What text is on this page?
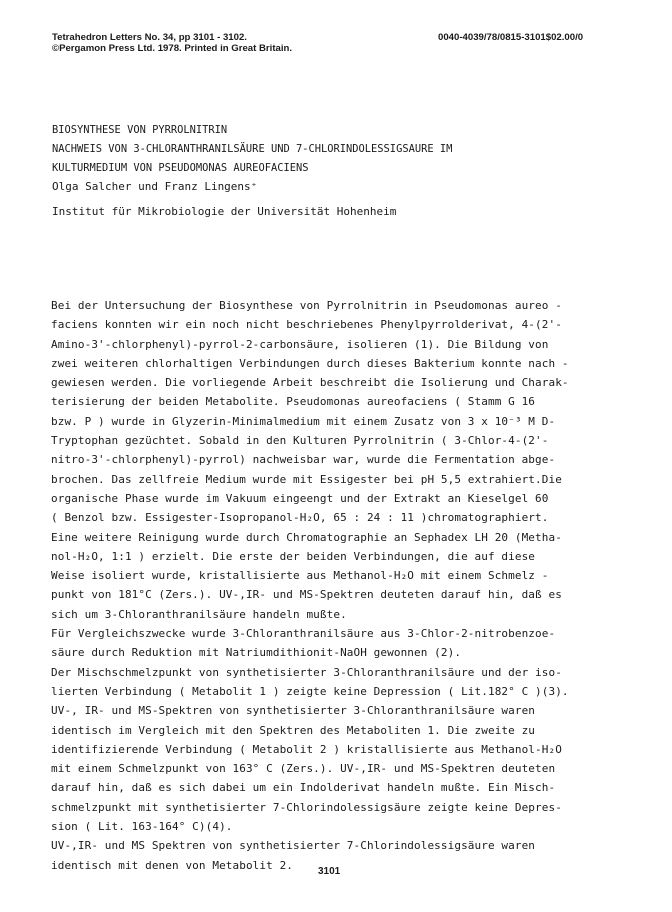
Tetrahedron Letters No. 34, pp 3101 - 3102.
©Pergamon Press Ltd. 1978. Printed in Great Britain.
0040-4039/78/0815-3101$02.00/0
BIOSYNTHESE VON PYRROLNITRIN
NACHWEIS VON 3-CHLORANTHRANILSÄURE UND 7-CHLORINDOLESSIGSAURE IM
KULTURMEDIUM VON PSEUDOMONAS AUREOFACIENS
Olga Salcher und Franz Lingens⁺
Institut für Mikrobiologie der Universität Hohenheim
Bei der Untersuchung der Biosynthese von Pyrrolnitrin in Pseudomonas aureo -
faciens konnten wir ein noch nicht beschriebenes Phenylpyrrolderivat, 4-(2'-
Amino-3'-chlorphenyl)-pyrrol-2-carbonsäure, isolieren (1). Die Bildung von
zwei weiteren chlorhaltigen Verbindungen durch dieses Bakterium konnte nach -
gewiesen werden. Die vorliegende Arbeit beschreibt die Isolierung und Charak-
terisierung der beiden Metabolite. Pseudomonas aureofaciens ( Stamm G 16
bzw. P ) wurde in Glyzerin-Minimalmedium mit einem Zusatz von 3 x 10⁻³ M D-
Tryptophan gezüchtet. Sobald in den Kulturen Pyrrolnitrin ( 3-Chlor-4-(2'-
nitro-3'-chlorphenyl)-pyrrol) nachweisbar war, wurde die Fermentation abge-
brochen. Das zellfreie Medium wurde mit Essigester bei pH 5,5 extrahiert.Die
organische Phase wurde im Vakuum eingeengt und der Extrakt an Kieselgel 60
( Benzol bzw. Essigester-Isopropanol-H₂O, 65 : 24 : 11 )chromatographiert.
Eine weitere Reinigung wurde durch Chromatographie an Sephadex LH 20 (Metha-
nol-H₂O, 1:1 ) erzielt. Die erste der beiden Verbindungen, die auf diese
Weise isoliert wurde, kristallisierte aus Methanol-H₂O mit einem Schmelz -
punkt von 181°C (Zers.). UV-,IR- und MS-Spektren deuteten darauf hin, daß es
sich um 3-Chloranthranilsäure handeln mußte.
Für Vergleichszwecke wurde 3-Chloranthranilsäure aus 3-Chlor-2-nitrobenzoe-
säure durch Reduktion mit Natriumdithionit-NaOH gewonnen (2).
Der Mischschmelzpunkt von synthetisierter 3-Chloranthranilsäure und der iso-
lierten Verbindung ( Metabolit 1 ) zeigte keine Depression ( Lit.182° C )(3).
UV-, IR- und MS-Spektren von synthetisierter 3-Chloranthranilsäure waren
identisch im Vergleich mit den Spektren des Metaboliten 1. Die zweite zu
identifizierende Verbindung ( Metabolit 2 ) kristallisierte aus Methanol-H₂O
mit einem Schmelzpunkt von 163° C (Zers.). UV-,IR- und MS-Spektren deuteten
darauf hin, daß es sich dabei um ein Indolderivat handeln mußte. Ein Misch-
schmelzpunkt mit synthetisierter 7-Chlorindolessigsäure zeigte keine Depres-
sion ( Lit. 163-164° C)(4).
UV-,IR- und MS Spektren von synthetisierter 7-Chlorindolessigsäure waren
identisch mit denen von Metabolit 2.	3101
